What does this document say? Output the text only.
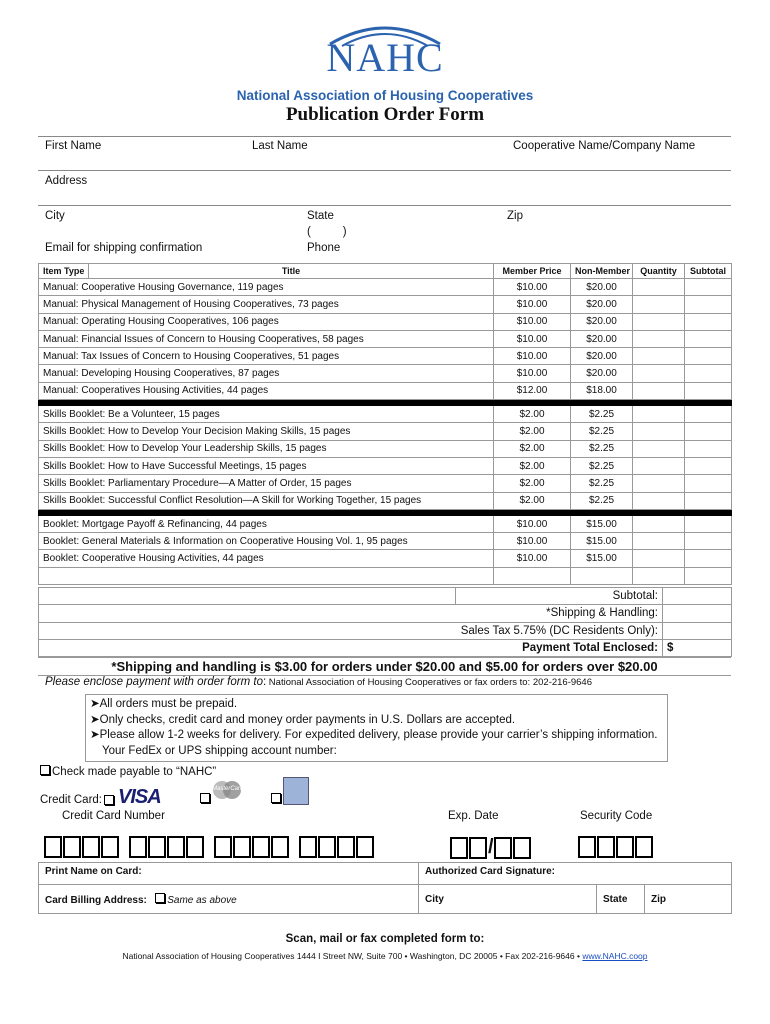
NAHC
National Association of Housing Cooperatives
Publication Order Form
First Name	Last Name	Cooperative Name/Company Name
Address
City	State	Zip
(          )
Email for shipping confirmation	Phone
Item Type	Title	Member Price	Non-Member	Quantity	Subtotal
Manual: Cooperative Housing Governance, 119 pages		$10.00	$20.00		
Manual: Physical Management of Housing Cooperatives, 73 pages		$10.00	$20.00		
Manual: Operating Housing Cooperatives, 106 pages		$10.00	$20.00		
Manual: Financial Issues of Concern to Housing Cooperatives, 58 pages		$10.00	$20.00		
Manual: Tax Issues of Concern to Housing Cooperatives, 51 pages		$10.00	$20.00		
Manual: Developing Housing Cooperatives, 87 pages		$10.00	$20.00		
Manual: Cooperatives Housing Activities, 44 pages		$12.00	$18.00		

Skills Booklet: Be a Volunteer, 15 pages		$2.00	$2.25		
Skills Booklet: How to Develop Your Decision Making Skills, 15 pages		$2.00	$2.25		
Skills Booklet: How to Develop Your Leadership Skills, 15 pages		$2.00	$2.25		
Skills Booklet: How to Have Successful Meetings, 15 pages		$2.00	$2.25		
Skills Booklet: Parliamentary Procedure—A Matter of Order, 15 pages		$2.00	$2.25		
Skills Booklet: Successful Conflict Resolution—A Skill for Working Together, 15 pages		$2.00	$2.25		

Booklet: Mortgage Payoff & Refinancing, 44 pages		$10.00	$15.00		
Booklet: General Materials & Information on Cooperative Housing Vol. 1, 95 pages		$10.00	$15.00		
Booklet: Cooperative Housing Activities, 44 pages		$10.00	$15.00		

	Subtotal:	
*Shipping & Handling:		
Sales Tax 5.75% (DC Residents Only):		
Payment Total Enclosed:		$
*Shipping and handling is $3.00 for orders under $20.00 and $5.00 for orders over $20.00
Please enclose payment with order form to: National Association of Housing Cooperatives or fax orders to: 202-216-9646
➤All orders must be prepaid.
➤Only checks, credit card and money order payments in U.S. Dollars are accepted.
➤Please allow 1-2 weeks for delivery. For expedited delivery, please provide your carrier’s shipping information.
Your FedEx or UPS shipping account number:
Check made payable to “NAHC”
Credit Card: VISA	MasterCard
Credit Card Number	Exp. Date	Security Code
/
Print Name on Card:	Authorized Card Signature:		
Card Billing Address: Same as above	City	State	Zip
Scan, mail or fax completed form to:
National Association of Housing Cooperatives 1444 I Street NW, Suite 700 • Washington, DC 20005 • Fax 202-216-9646 • www.NAHC.coop
